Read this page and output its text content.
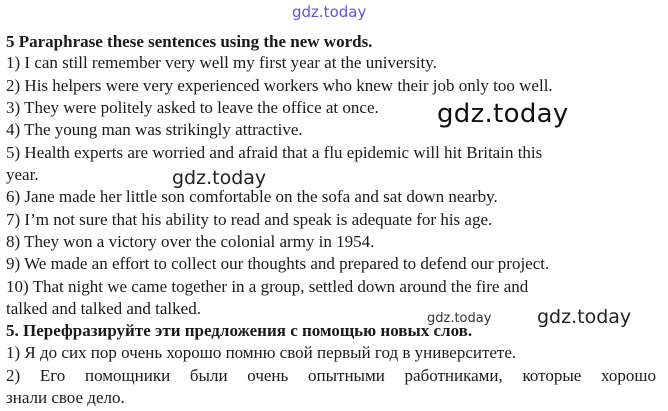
gdz.today
gdz.today
gdz.today
gdz.today gdz.today
5 Paraphrase these sentences using the new words.
1) I can still remember very well my first year at the university.
2) His helpers were very experienced workers who knew their job only too well.
3) They were politely asked to leave the office at once.
4) The young man was strikingly attractive.
5) Health experts are worried and afraid that a flu epidemic will hit Britain this
year.
6) Jane made her little son comfortable on the sofa and sat down nearby.
7) I’m not sure that his ability to read and speak is adequate for his age.
8) They won a victory over the colonial army in 1954.
9) We made an effort to collect our thoughts and prepared to defend our project.
10) That night we came together in a group, settled down around the fire and
talked and talked and talked.
5. Перефразируйте эти предложения с помощью новых слов.
1) Я до сих пор очень хорошо помню свой первый год в университете.
2) Его помощники были очень опытными работниками, которые хорошо
знали свое дело.
